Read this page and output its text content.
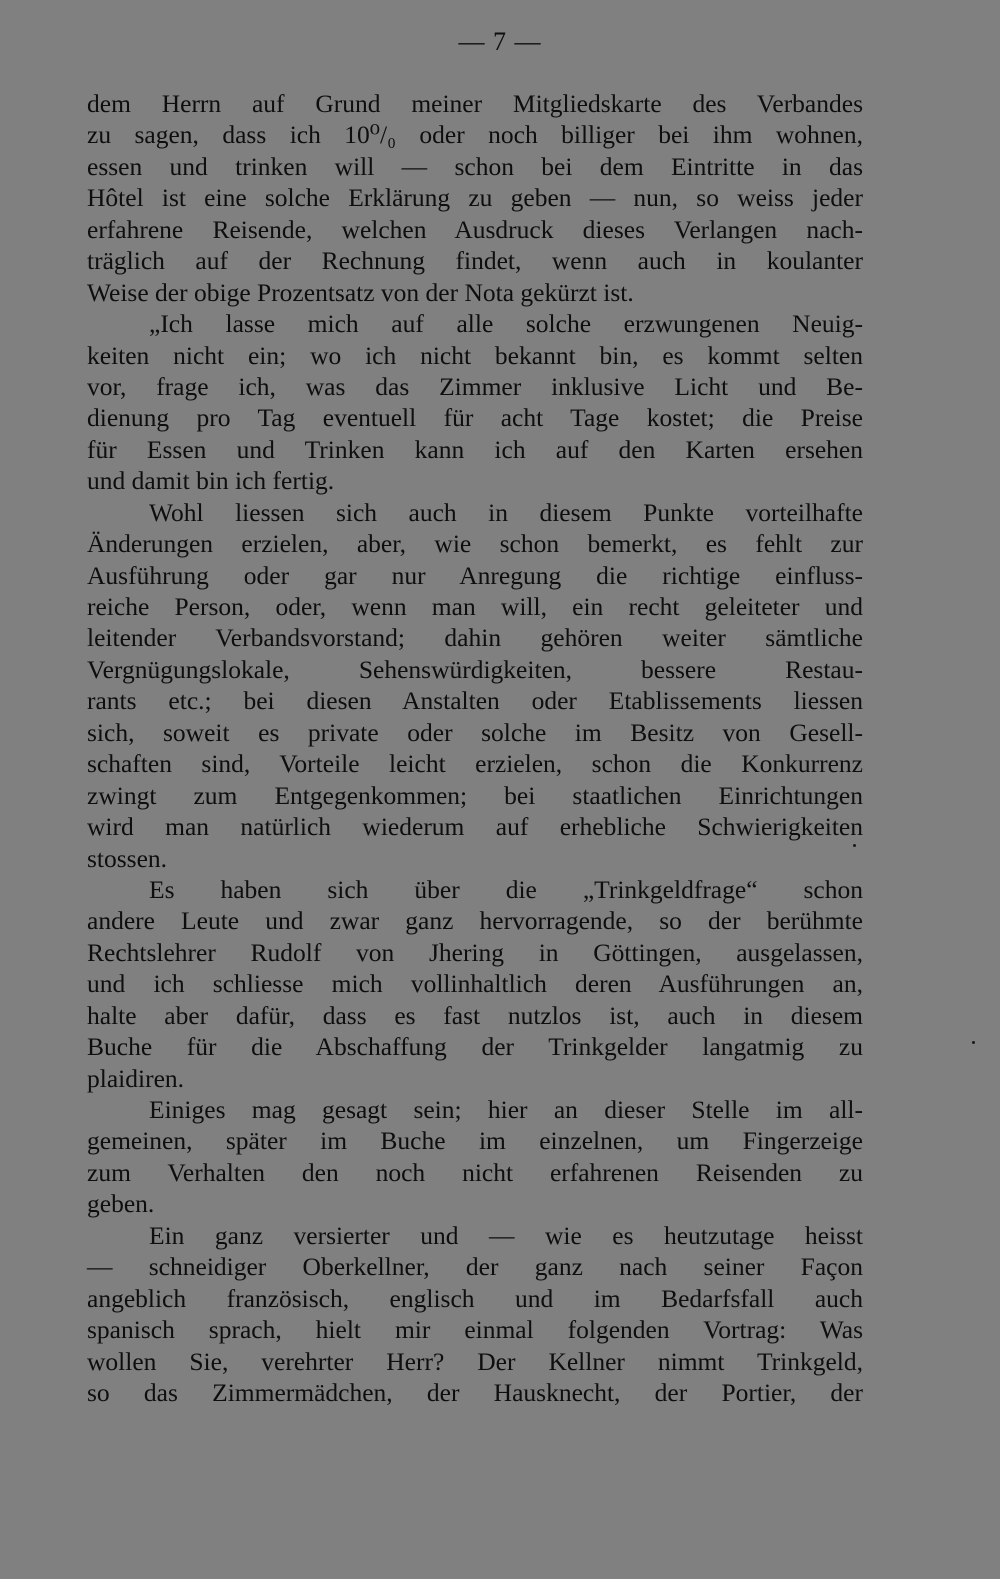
— 7 —
dem Herrn auf Grund meiner Mitgliedskarte des Verbandes
zu sagen, dass ich 10⁰/₀ oder noch billiger bei ihm wohnen,
essen und trinken will — schon bei dem Eintritte in das
Hôtel ist eine solche Erklärung zu geben — nun, so weiss jeder
erfahrene Reisende, welchen Ausdruck dieses Verlangen nach-
träglich auf der Rechnung findet, wenn auch in koulanter
Weise der obige Prozentsatz von der Nota gekürzt ist.
„Ich lasse mich auf alle solche erzwungenen Neuig-
keiten nicht ein; wo ich nicht bekannt bin, es kommt selten
vor, frage ich, was das Zimmer inklusive Licht und Be-
dienung pro Tag eventuell für acht Tage kostet; die Preise
für Essen und Trinken kann ich auf den Karten ersehen
und damit bin ich fertig.
Wohl liessen sich auch in diesem Punkte vorteilhafte
Änderungen erzielen, aber, wie schon bemerkt, es fehlt zur
Ausführung oder gar nur Anregung die richtige einfluss-
reiche Person, oder, wenn man will, ein recht geleiteter und
leitender Verbandsvorstand; dahin gehören weiter sämtliche
Vergnügungslokale, Sehenswürdigkeiten, bessere Restau-
rants etc.; bei diesen Anstalten oder Etablissements liessen
sich, soweit es private oder solche im Besitz von Gesell-
schaften sind, Vorteile leicht erzielen, schon die Konkurrenz
zwingt zum Entgegenkommen; bei staatlichen Einrichtungen
wird man natürlich wiederum auf erhebliche Schwierigkeiten
stossen.
Es haben sich über die „Trinkgeldfrage“ schon
andere Leute und zwar ganz hervorragende, so der berühmte
Rechtslehrer Rudolf von Jhering in Göttingen, ausgelassen,
und ich schliesse mich vollinhaltlich deren Ausführungen an,
halte aber dafür, dass es fast nutzlos ist, auch in diesem
Buche für die Abschaffung der Trinkgelder langatmig zu
plaidiren.
Einiges mag gesagt sein; hier an dieser Stelle im all-
gemeinen, später im Buche im einzelnen, um Fingerzeige
zum Verhalten den noch nicht erfahrenen Reisenden zu
geben.
Ein ganz versierter und — wie es heutzutage heisst
— schneidiger Oberkellner, der ganz nach seiner Façon
angeblich französisch, englisch und im Bedarfsfall auch
spanisch sprach, hielt mir einmal folgenden Vortrag: Was
wollen Sie, verehrter Herr? Der Kellner nimmt Trinkgeld,
so das Zimmermädchen, der Hausknecht, der Portier, der
